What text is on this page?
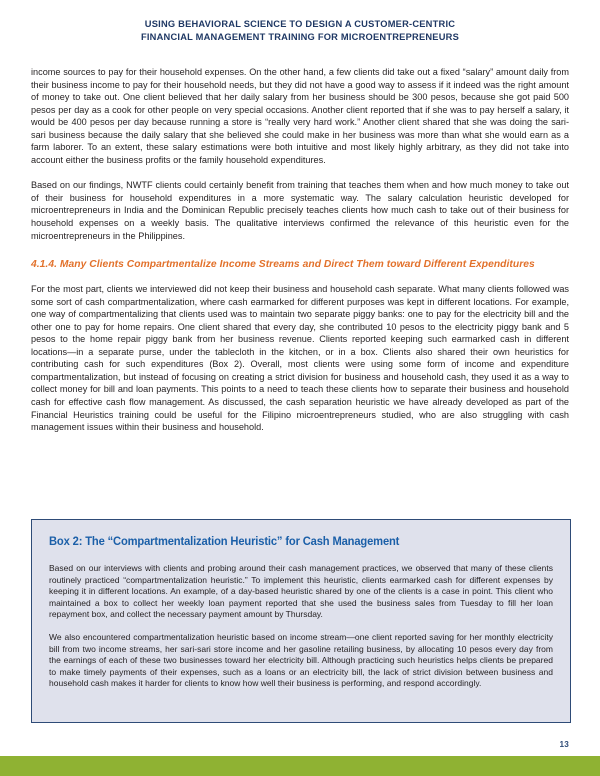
USING BEHAVIORAL SCIENCE TO DESIGN A CUSTOMER-CENTRIC
FINANCIAL MANAGEMENT TRAINING FOR MICROENTREPRENEURS

income sources to pay for their household expenses. On the other hand, a few clients did take out a fixed “salary” amount daily from their business income to pay for their household needs, but they did not have a good way to assess if it indeed was the right amount of money to take out. One client believed that her daily salary from her business should be 300 pesos, because she got paid 500 pesos per day as a cook for other people on very special occasions. Another client reported that if she was to pay herself a salary, it would be 400 pesos per day because running a store is “really very hard work.” Another client shared that she was doing the sari-sari business because the daily salary that she believed she could make in her business was more than what she would earn as a farm laborer. To an extent, these salary estimations were both intuitive and most likely highly arbitrary, as they did not take into account either the business profits or the family household expenditures.

Based on our findings, NWTF clients could certainly benefit from training that teaches them when and how much money to take out of their business for household expenditures in a more systematic way. The salary calculation heuristic developed for microentrepreneurs in India and the Dominican Republic precisely teaches clients how much cash to take out of their business for household expenses on a weekly basis. The qualitative interviews confirmed the relevance of this heuristic even for the microentrepreneurs in the Philippines.

4.1.4. Many Clients Compartmentalize Income Streams and Direct Them toward Different Expenditures

For the most part, clients we interviewed did not keep their business and household cash separate. What many clients followed was some sort of cash compartmentalization, where cash earmarked for different purposes was kept in different locations. For example, one way of compartmentalizing that clients used was to maintain two separate piggy banks: one to pay for the electricity bill and the other one to pay for home repairs. One client shared that every day, she contributed 10 pesos to the electricity piggy bank and 5 pesos to the home repair piggy bank from her business revenue. Clients reported keeping such earmarked cash in different locations—in a separate purse, under the tablecloth in the kitchen, or in a box. Clients also shared their own heuristics for contributing cash for such expenditures (Box 2). Overall, most clients were using some form of income and expenditure compartmentalization, but instead of focusing on creating a strict division for business and household cash, they used it as a way to collect money for bill and loan payments. This points to a need to teach these clients how to separate their business and household cash for effective cash flow management. As discussed, the cash separation heuristic we have already developed as part of the Financial Heuristics training could be useful for the Filipino microentrepreneurs studied, who are also struggling with cash management issues within their business and household.

Box 2: The “Compartmentalization Heuristic” for Cash Management

Based on our interviews with clients and probing around their cash management practices, we observed that many of these clients routinely practiced “compartmentalization heuristic.” To implement this heuristic, clients earmarked cash for different expenses by keeping it in different locations. An example, of a day-based heuristic shared by one of the clients is a case in point. This client who maintained a box to collect her weekly loan payment reported that she used the business sales from Tuesday to fill her loan repayment box, and collect the necessary payment amount by Thursday.

We also encountered compartmentalization heuristic based on income stream—one client reported saving for her monthly electricity bill from two income streams, her sari-sari store income and her gasoline retailing business, by allocating 10 pesos every day from the earnings of each of these two businesses toward her electricity bill. Although practicing such heuristics helps clients be prepared to make timely payments of their expenses, such as a loans or an electricity bill, the lack of strict division between business and household cash makes it harder for clients to know how well their business is performing, and respond accordingly.

13
